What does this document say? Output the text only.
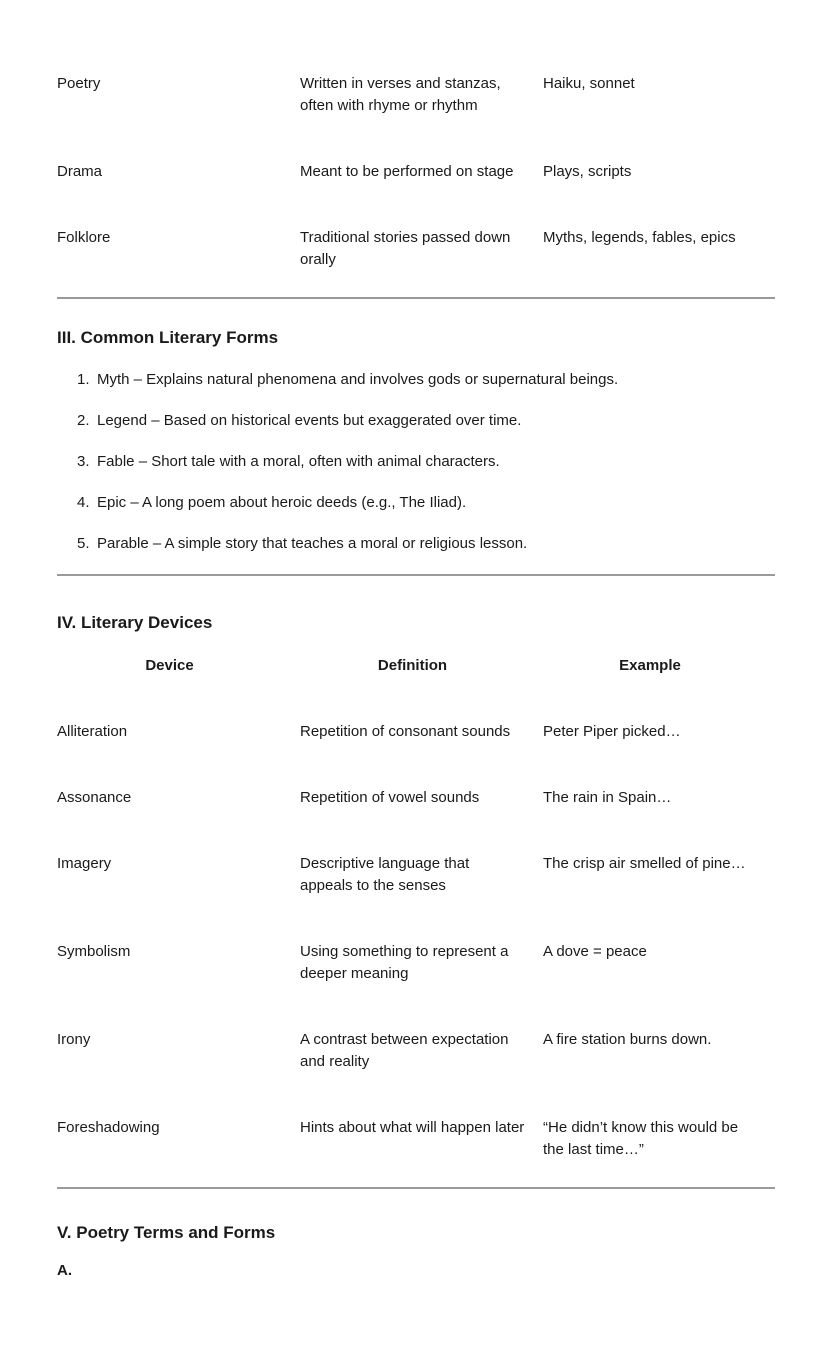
Poetry	Written in verses and stanzas, often with rhyme or rhythm	Haiku, sonnet
Drama	Meant to be performed on stage	Plays, scripts
Folklore	Traditional stories passed down orally	Myths, legends, fables, epics
III. Common Literary Forms
1. Myth – Explains natural phenomena and involves gods or supernatural beings.
2. Legend – Based on historical events but exaggerated over time.
3. Fable – Short tale with a moral, often with animal characters.
4. Epic – A long poem about heroic deeds (e.g., The Iliad).
5. Parable – A simple story that teaches a moral or religious lesson.
IV. Literary Devices
Device	Definition	Example
Alliteration	Repetition of consonant sounds	Peter Piper picked…
Assonance	Repetition of vowel sounds	The rain in Spain…
Imagery	Descriptive language that appeals to the senses	The crisp air smelled of pine…
Symbolism	Using something to represent a deeper meaning	A dove = peace
Irony	A contrast between expectation and reality	A fire station burns down.
Foreshadowing	Hints about what will happen later	“He didn’t know this would be the last time…”
V. Poetry Terms and Forms
A.
